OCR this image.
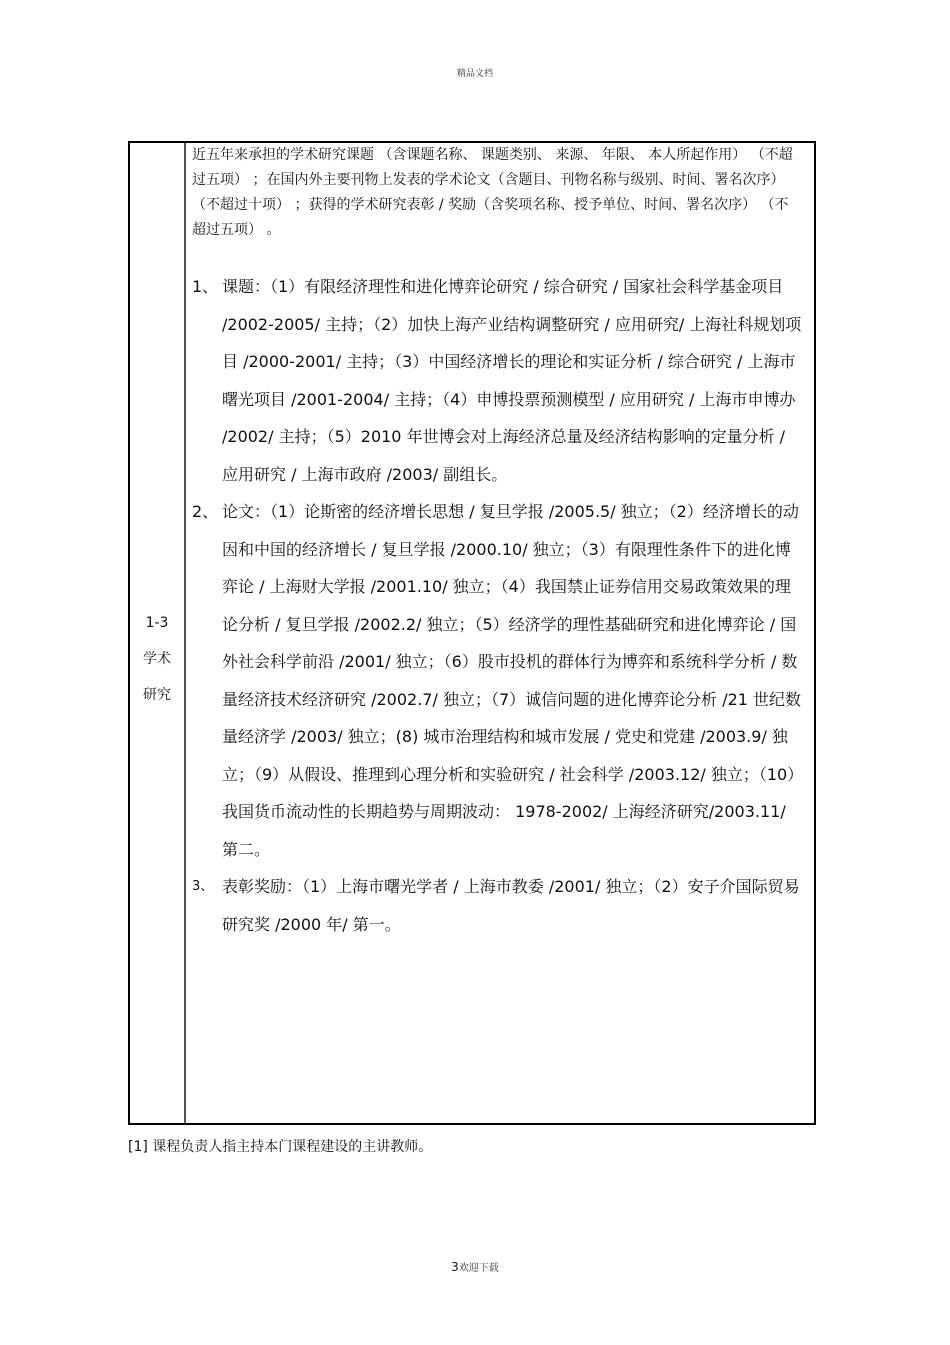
精品文档
1-3
学术
研究
近五年来承担的学术研究课题 （含课题名称、 课题类别、 来源、 年限、 本人所起作用） （不超过五项） ；在国内外主要刊物上发表的学术论文（含题目、刊物名称与级别、时间、署名次序） （不超过十项） ；获得的学术研究表彰 / 奖励（含奖项名称、授予单位、时间、署名次序） （不超过五项） 。
1、 课题：（1）有限经济理性和进化博弈论研究 / 综合研究 / 国家社会科学基金项目 /2002-2005/ 主持；（2）加快上海产业结构调整研究 / 应用研究/ 上海社科规划项目 /2000-2001/ 主持；（3）中国经济增长的理论和实证分析 / 综合研究 / 上海市曙光项目 /2001-2004/ 主持；（4）申博投票预测模型 / 应用研究 / 上海市申博办 /2002/ 主持；（5）2010 年世博会对上海经济总量及经济结构影响的定量分析 / 应用研究 / 上海市政府 /2003/ 副组长。
2、 论文：（1）论斯密的经济增长思想 / 复旦学报 /2005.5/ 独立；（2）经济增长的动因和中国的经济增长 / 复旦学报 /2000.10/ 独立；（3）有限理性条件下的进化博弈论 / 上海财大学报 /2001.10/ 独立；（4）我国禁止证券信用交易政策效果的理论分析 / 复旦学报 /2002.2/ 独立；（5）经济学的理性基础研究和进化博弈论 / 国外社会科学前沿 /2001/ 独立；（6）股市投机的群体行为博弈和系统科学分析 / 数量经济技术经济研究 /2002.7/ 独立；（7）诚信问题的进化博弈论分析 /21 世纪数量经济学 /2003/ 独立；(8) 城市治理结构和城市发展 / 党史和党建 /2003.9/ 独立；（9）从假设、推理到心理分析和实验研究 / 社会科学 /2003.12/ 独立；（10）我国货币流动性的长期趋势与周期波动： 1978-2002/ 上海经济研究/2003.11/ 第二。
3、 表彰奖励：（1）上海市曙光学者 / 上海市教委 /2001/ 独立；（2）安子介国际贸易研究奖 /2000 年/ 第一。
[1] 课程负责人指主持本门课程建设的主讲教师。
3欢迎下载
